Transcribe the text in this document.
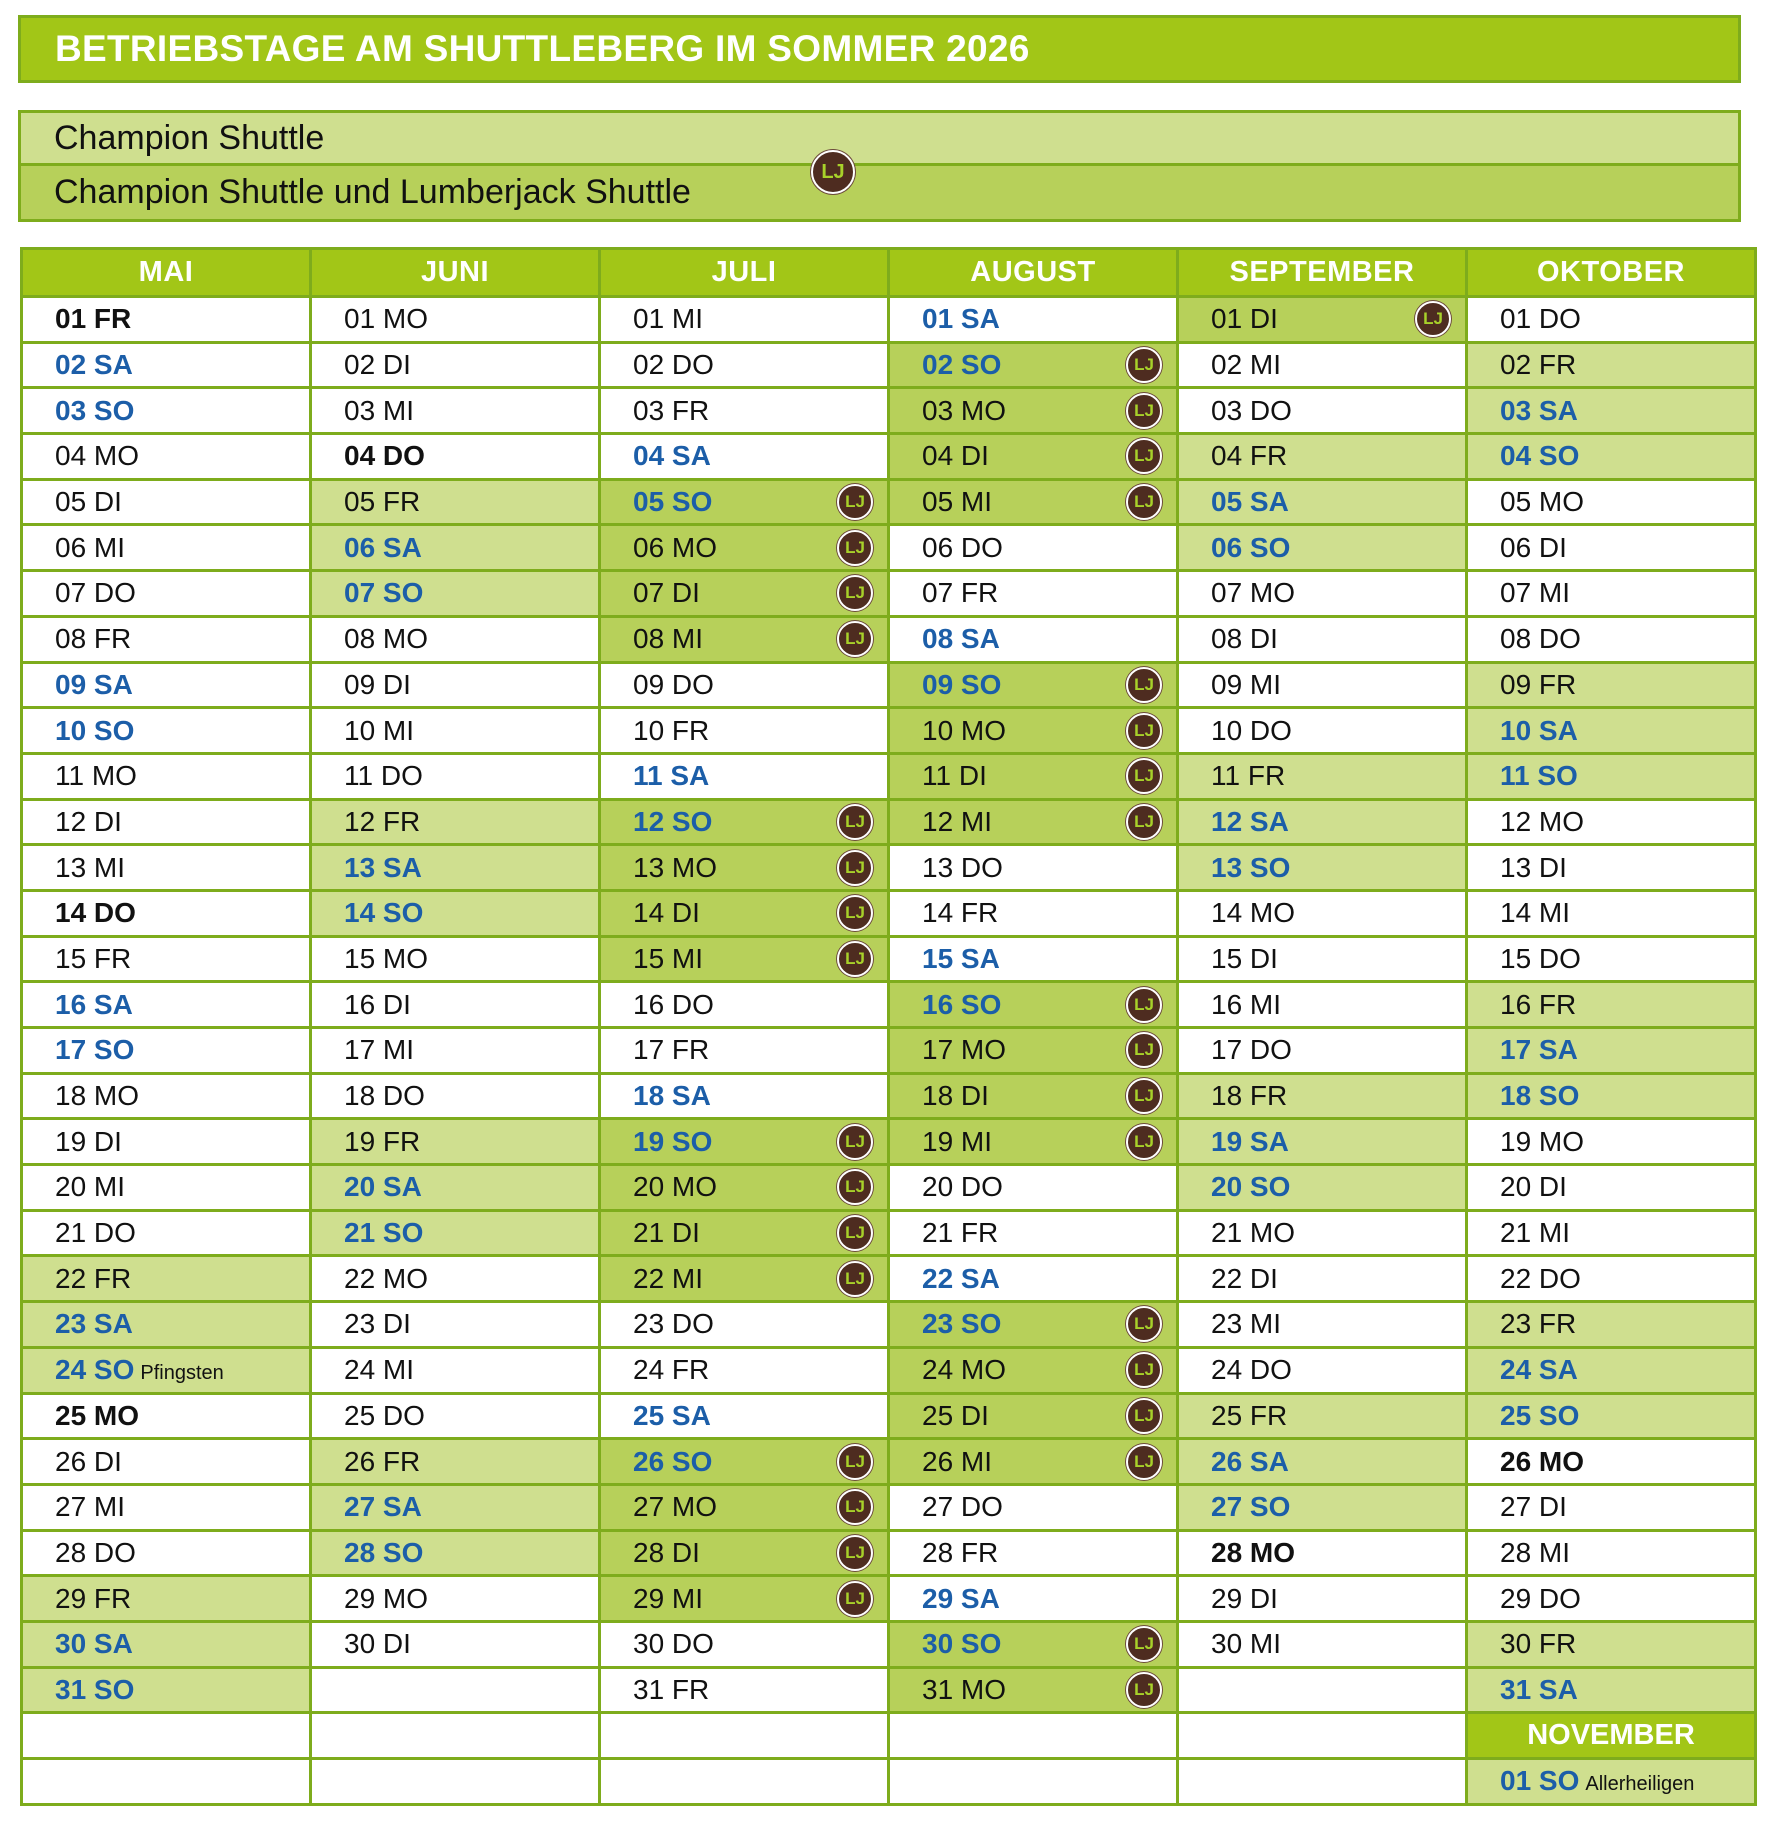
BETRIEBSTAGE AM SHUTTLEBERG IM SOMMER 2026
Champion Shuttle
Champion Shuttle und Lumberjack Shuttle
LJ
MAI	JUNI	JULI	AUGUST	SEPTEMBER	OKTOBER
01 FR	01 MO	01 MI	01 SA	01 DI LJ	01 DO
02 SA	02 DI	02 DO	02 SO LJ	02 MI	02 FR
03 SO	03 MI	03 FR	03 MO LJ	03 DO	03 SA
04 MO	04 DO	04 SA	04 DI LJ	04 FR	04 SO
05 DI	05 FR	05 SO LJ	05 MI LJ	05 SA	05 MO
06 MI	06 SA	06 MO LJ	06 DO	06 SO	06 DI
07 DO	07 SO	07 DI LJ	07 FR	07 MO	07 MI
08 FR	08 MO	08 MI LJ	08 SA	08 DI	08 DO
09 SA	09 DI	09 DO	09 SO LJ	09 MI	09 FR
10 SO	10 MI	10 FR	10 MO LJ	10 DO	10 SA
11 MO	11 DO	11 SA	11 DI LJ	11 FR	11 SO
12 DI	12 FR	12 SO LJ	12 MI LJ	12 SA	12 MO
13 MI	13 SA	13 MO LJ	13 DO	13 SO	13 DI
14 DO	14 SO	14 DI LJ	14 FR	14 MO	14 MI
15 FR	15 MO	15 MI LJ	15 SA	15 DI	15 DO
16 SA	16 DI	16 DO	16 SO LJ	16 MI	16 FR
17 SO	17 MI	17 FR	17 MO LJ	17 DO	17 SA
18 MO	18 DO	18 SA	18 DI LJ	18 FR	18 SO
19 DI	19 FR	19 SO LJ	19 MI LJ	19 SA	19 MO
20 MI	20 SA	20 MO LJ	20 DO	20 SO	20 DI
21 DO	21 SO	21 DI LJ	21 FR	21 MO	21 MI
22 FR	22 MO	22 MI LJ	22 SA	22 DI	22 DO
23 SA	23 DI	23 DO	23 SO LJ	23 MI	23 FR
24 SO Pfingsten	24 MI	24 FR	24 MO LJ	24 DO	24 SA
25 MO	25 DO	25 SA	25 DI LJ	25 FR	25 SO
26 DI	26 FR	26 SO LJ	26 MI LJ	26 SA	26 MO
27 MI	27 SA	27 MO LJ	27 DO	27 SO	27 DI
28 DO	28 SO	28 DI LJ	28 FR	28 MO	28 MI
29 FR	29 MO	29 MI LJ	29 SA	29 DI	29 DO
30 SA	30 DI	30 DO	30 SO LJ	30 MI	30 FR
31 SO		31 FR	31 MO LJ		31 SA
					NOVEMBER
					01 SO Allerheiligen
